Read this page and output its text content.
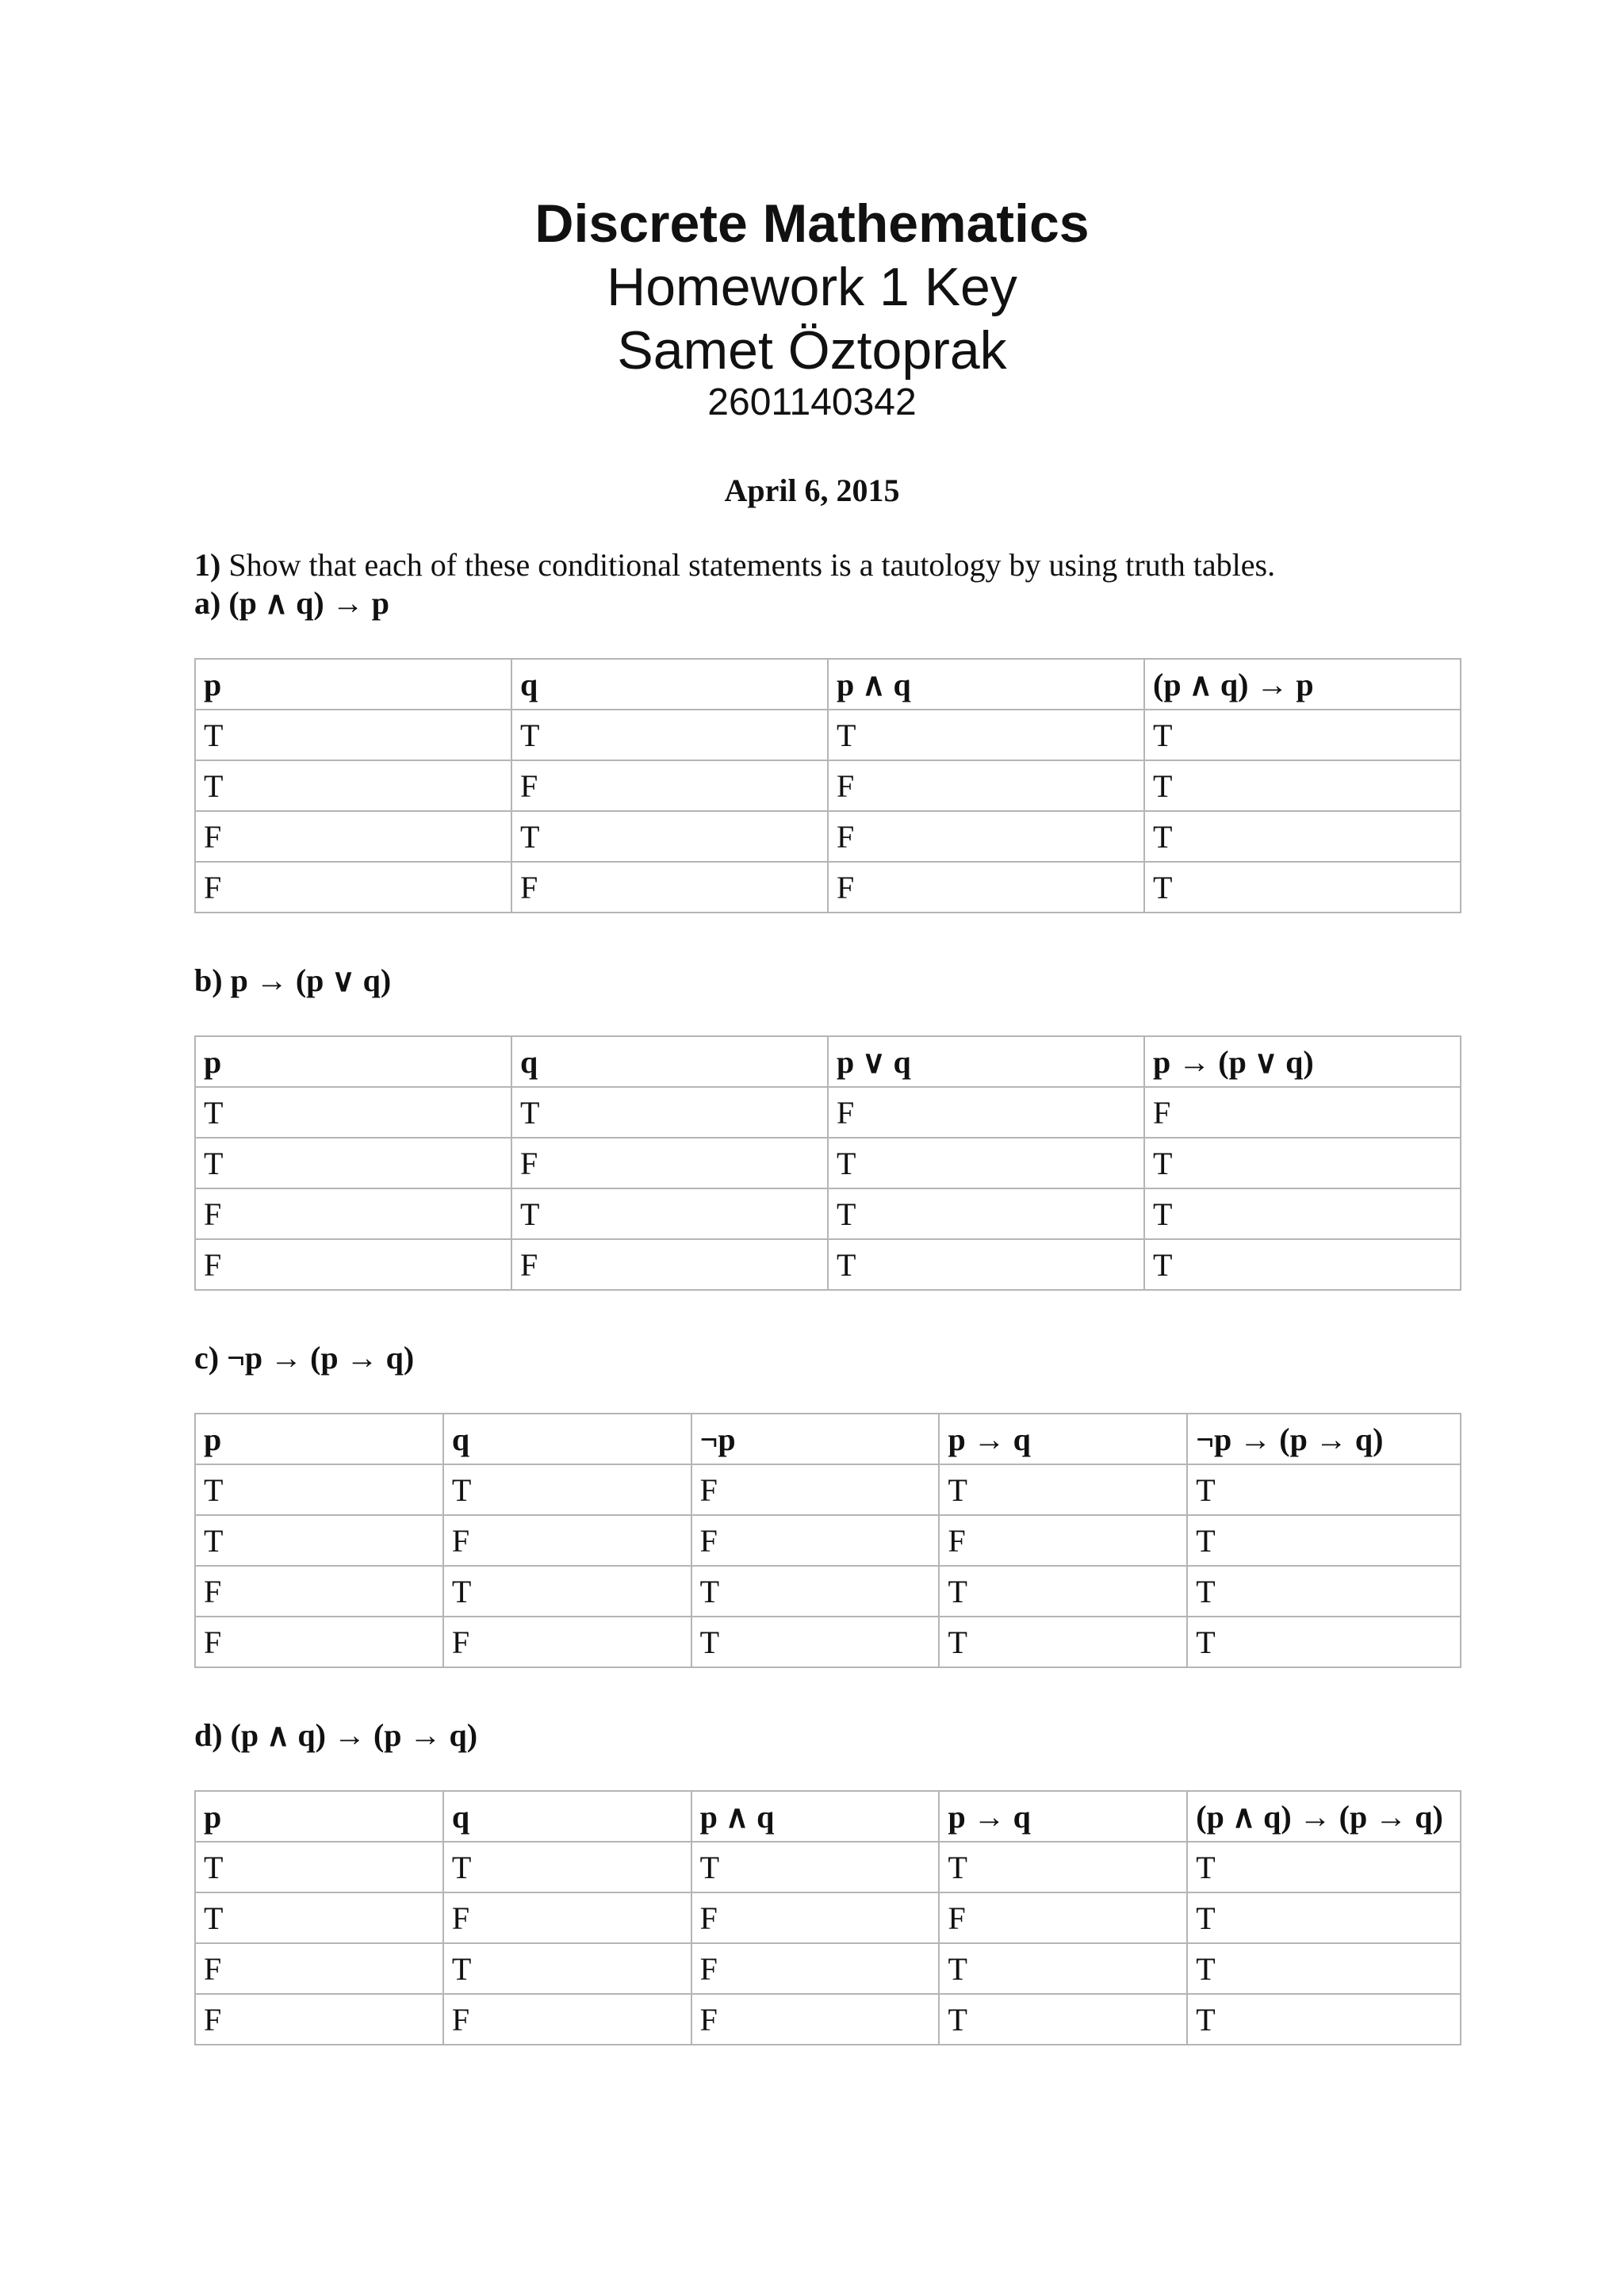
Discrete Mathematics
Homework 1 Key
Samet Öztoprak
2601140342
April 6, 2015
1) Show that each of these conditional statements is a tautology by using truth tables.
a) (p ∧ q) → p
p	q	p ∧ q	(p ∧ q) → p
T	T	T	T
T	F	F	T
F	T	F	T
F	F	F	T
b) p → (p ∨ q)
p	q	p ∨ q	p → (p ∨ q)
T	T	F	F
T	F	T	T
F	T	T	T
F	F	T	T
c) ¬p → (p → q)
p	q	¬p	p → q	¬p → (p → q)
T	T	F	T	T
T	F	F	F	T
F	T	T	T	T
F	F	T	T	T
d) (p ∧ q) → (p → q)
p	q	p ∧ q	p → q	(p ∧ q) → (p → q)
T	T	T	T	T
T	F	F	F	T
F	T	F	T	T
F	F	F	T	T
